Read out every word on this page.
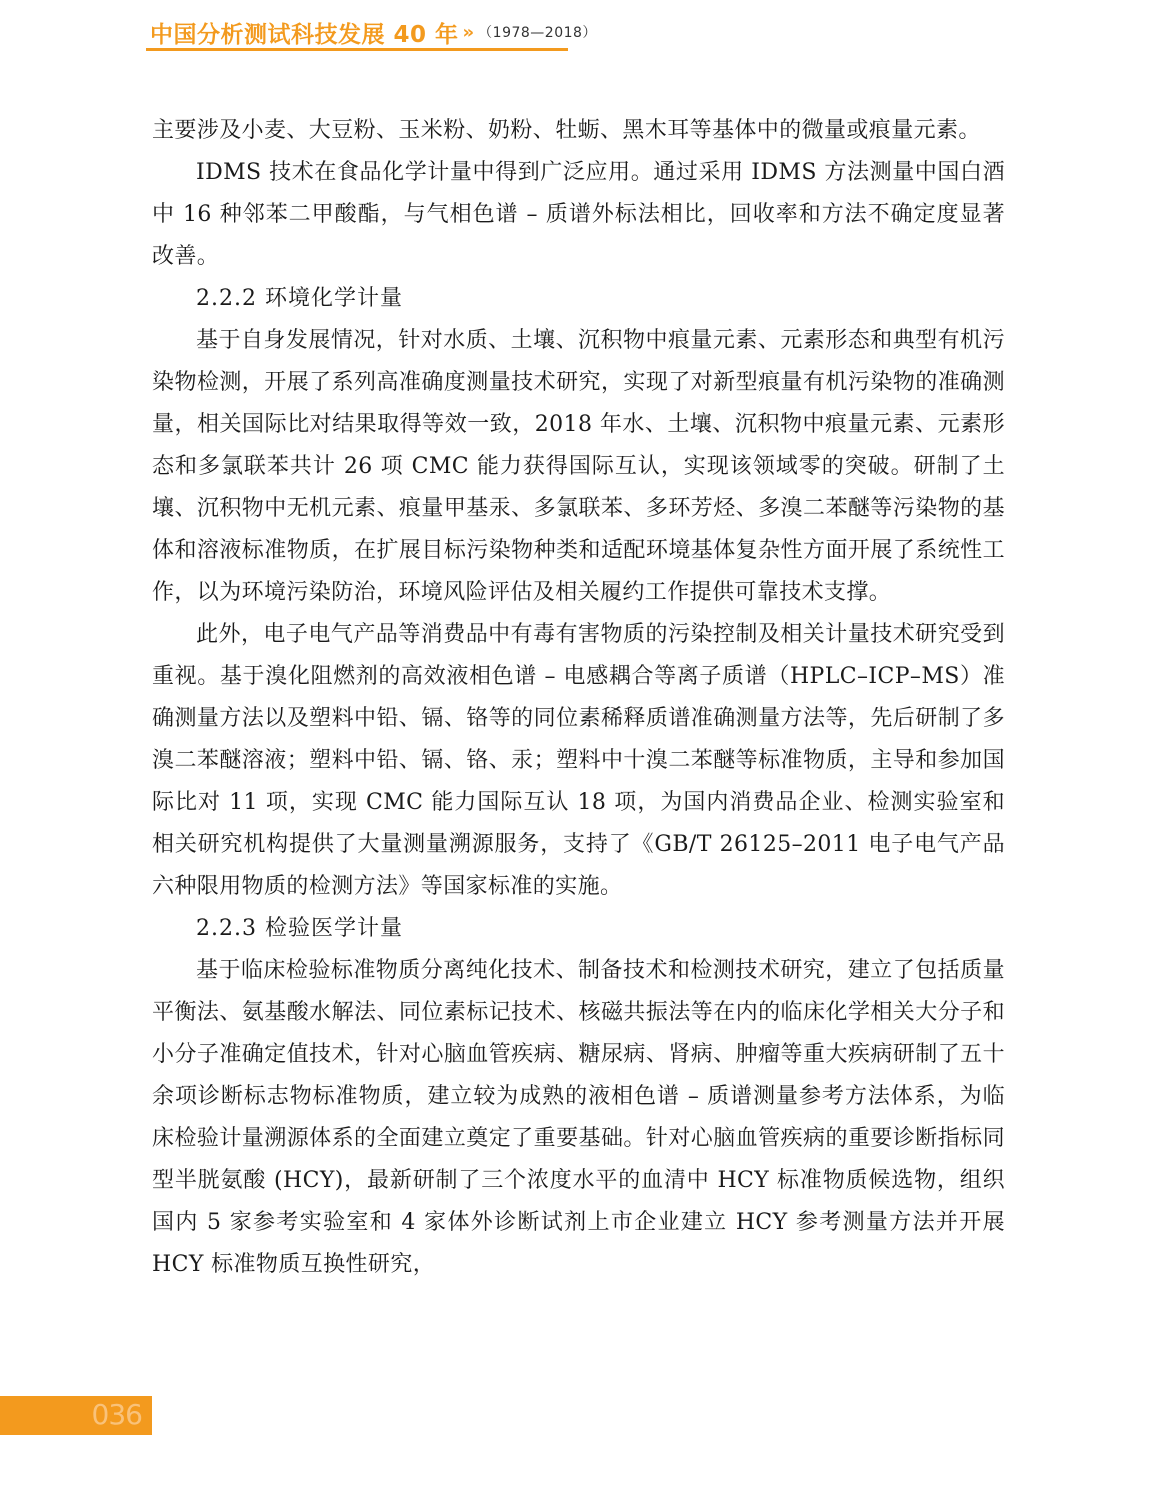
中国分析测试科技发展 40 年 » （1978—2018）

主要涉及小麦、大豆粉、玉米粉、奶粉、牡蛎、黑木耳等基体中的微量或痕量元素。

IDMS 技术在食品化学计量中得到广泛应用。通过采用 IDMS 方法测量中国白酒中 16 种邻苯二甲酸酯，与气相色谱 – 质谱外标法相比，回收率和方法不确定度显著改善。

2.2.2 环境化学计量

基于自身发展情况，针对水质、土壤、沉积物中痕量元素、元素形态和典型有机污染物检测，开展了系列高准确度测量技术研究，实现了对新型痕量有机污染物的准确测量，相关国际比对结果取得等效一致，2018 年水、土壤、沉积物中痕量元素、元素形态和多氯联苯共计 26 项 CMC 能力获得国际互认，实现该领域零的突破。研制了土壤、沉积物中无机元素、痕量甲基汞、多氯联苯、多环芳烃、多溴二苯醚等污染物的基体和溶液标准物质，在扩展目标污染物种类和适配环境基体复杂性方面开展了系统性工作，以为环境污染防治，环境风险评估及相关履约工作提供可靠技术支撑。

此外，电子电气产品等消费品中有毒有害物质的污染控制及相关计量技术研究受到重视。基于溴化阻燃剂的高效液相色谱 – 电感耦合等离子质谱（HPLC–ICP–MS）准确测量方法以及塑料中铅、镉、铬等的同位素稀释质谱准确测量方法等，先后研制了多溴二苯醚溶液；塑料中铅、镉、铬、汞；塑料中十溴二苯醚等标准物质，主导和参加国际比对 11 项，实现 CMC 能力国际互认 18 项，为国内消费品企业、检测实验室和相关研究机构提供了大量测量溯源服务，支持了《GB/T 26125–2011 电子电气产品六种限用物质的检测方法》等国家标准的实施。

2.2.3 检验医学计量

基于临床检验标准物质分离纯化技术、制备技术和检测技术研究，建立了包括质量平衡法、氨基酸水解法、同位素标记技术、核磁共振法等在内的临床化学相关大分子和小分子准确定值技术，针对心脑血管疾病、糖尿病、肾病、肿瘤等重大疾病研制了五十余项诊断标志物标准物质，建立较为成熟的液相色谱 – 质谱测量参考方法体系，为临床检验计量溯源体系的全面建立奠定了重要基础。针对心脑血管疾病的重要诊断指标同型半胱氨酸 (HCY)，最新研制了三个浓度水平的血清中 HCY 标准物质候选物，组织国内 5 家参考实验室和 4 家体外诊断试剂上市企业建立 HCY 参考测量方法并开展 HCY 标准物质互换性研究，

036
